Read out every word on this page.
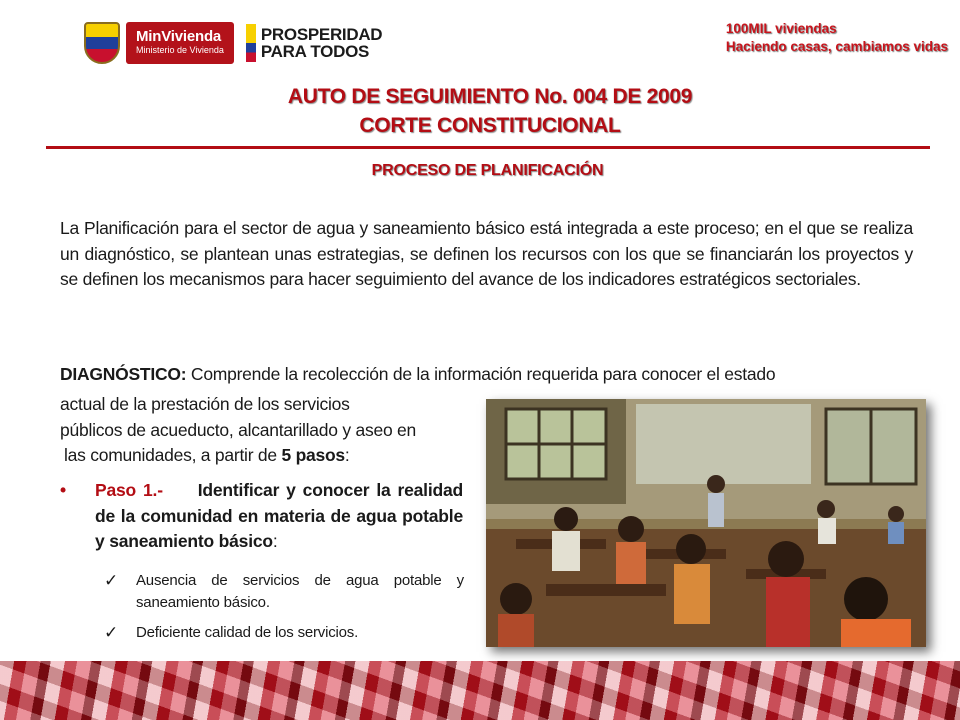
MinVivienda
Ministerio de Vivienda
PROSPERIDAD
PARA TODOS
100MIL viviendas
Haciendo casas, cambiamos vidas
AUTO DE SEGUIMIENTO No. 004 DE 2009
CORTE CONSTITUCIONAL
PROCESO DE PLANIFICACIÓN
La Planificación para el sector de agua y saneamiento básico está integrada a este proceso; en el que se realiza un diagnóstico, se plantean unas estrategias, se definen los recursos con los que se financiarán los proyectos y se definen los mecanismos para hacer seguimiento del avance de los indicadores estratégicos sectoriales.
DIAGNÓSTICO: Comprende la recolección de la información requerida para conocer el estado
actual de la prestación de los servicios
públicos de acueducto, alcantarillado y aseo en
las comunidades, a partir de 5 pasos:
• Paso 1.- Identificar y conocer la realidad de la comunidad en materia de agua potable y saneamiento básico:
✓ Ausencia de servicios de agua potable y saneamiento básico.
✓ Deficiente calidad de los servicios.
